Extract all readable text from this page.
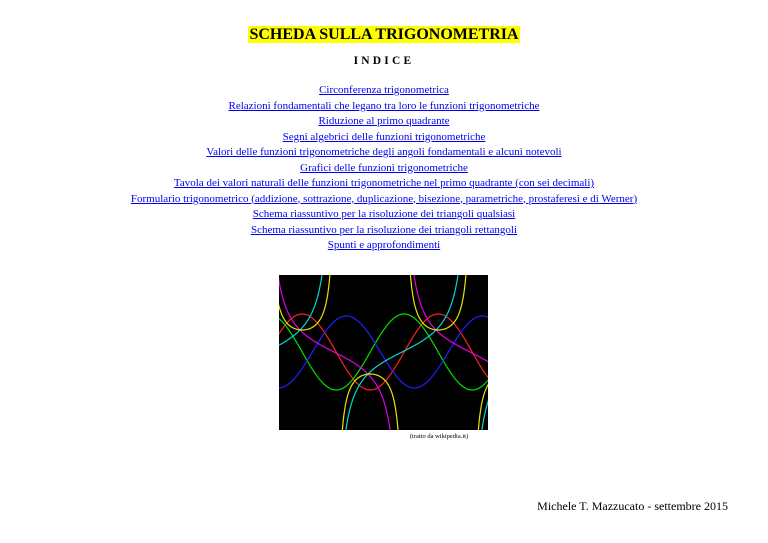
SCHEDA SULLA TRIGONOMETRIA
INDICE
Circonferenza trigonometrica
Relazioni fondamentali che legano tra loro le funzioni trigonometriche
Riduzione al primo quadrante
Segni algebrici delle funzioni trigonometriche
Valori delle funzioni trigonometriche degli angoli fondamentali e alcuni notevoli
Grafici delle funzioni trigonometriche
Tavola dei valori naturali delle funzioni trigonometriche nel primo quadrante (con sei decimali)
Formulario trigonometrico (addizione, sottrazione, duplicazione, bisezione, parametriche, prostaferesi e di Werner)
Schema riassuntivo per la risoluzione dei triangoli qualsiasi
Schema riassuntivo per la risoluzione dei triangoli rettangoli
Spunti e approfondimenti
(tratto da wikipedia.it)
Michele T. Mazzucato - settembre 2015
